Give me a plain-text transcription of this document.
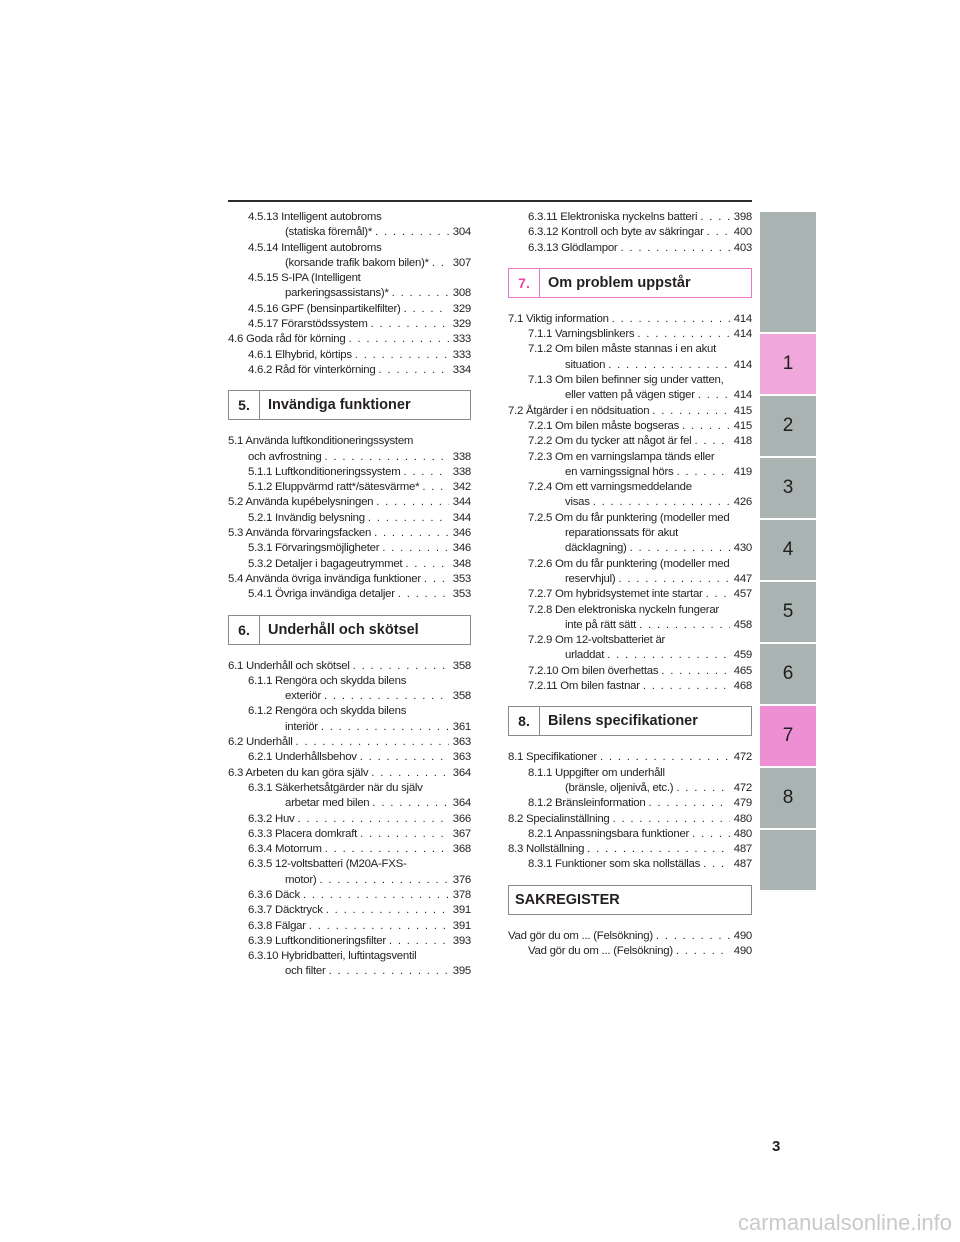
4.5.13 Intelligent autobroms
(statiska föremål)* . . .	304
4.5.14 Intelligent autobroms
(korsande trafik bakom bilen)* . . .	307
4.5.15 S-IPA (Intelligent
parkeringsassistans)* . . .	308
4.5.16 GPF (bensinpartikelfilter) . . .	329
4.5.17 Förarstödssystem . . .	329
4.6 Goda råd för körning . . .	333
4.6.1 Elhybrid, körtips . . .	333
4.6.2 Råd för vinterkörning . . .	334
5.	Invändiga funktioner
5.1 Använda luftkonditioneringssystem
och avfrostning . . .	338
5.1.1 Luftkonditioneringssystem . . .	338
5.1.2 Eluppvärmd ratt*/sätesvärme* . . .	342
5.2 Använda kupébelysningen . . .	344
5.2.1 Invändig belysning . . .	344
5.3 Använda förvaringsfacken . . .	346
5.3.1 Förvaringsmöjligheter . . .	346
5.3.2 Detaljer i bagageutrymmet . . .	348
5.4 Använda övriga invändiga funktioner . . .	353
5.4.1 Övriga invändiga detaljer . . .	353
6.	Underhåll och skötsel
6.1 Underhåll och skötsel . . .	358
6.1.1 Rengöra och skydda bilens
exteriör . . .	358
6.1.2 Rengöra och skydda bilens
interiör . . .	361
6.2 Underhåll . . .	363
6.2.1 Underhållsbehov . . .	363
6.3 Arbeten du kan göra själv . . .	364
6.3.1 Säkerhetsåtgärder när du själv
arbetar med bilen . . .	364
6.3.2 Huv . . .	366
6.3.3 Placera domkraft . . .	367
6.3.4 Motorrum . . .	368
6.3.5 12-voltsbatteri (M20A-FXS-
motor) . . .	376
6.3.6 Däck . . .	378
6.3.7 Däcktryck . . .	391
6.3.8 Fälgar . . .	391
6.3.9 Luftkonditioneringsfilter . . .	393
6.3.10 Hybridbatteri, luftintagsventil
och filter . . .	395
6.3.11 Elektroniska nyckelns batteri . . .	398
6.3.12 Kontroll och byte av säkringar . . .	400
6.3.13 Glödlampor . . .	403
7.	Om problem uppstår
7.1 Viktig information . . .	414
7.1.1 Varningsblinkers . . .	414
7.1.2 Om bilen måste stannas i en akut
situation . . .	414
7.1.3 Om bilen befinner sig under vatten,
eller vatten på vägen stiger . . .	414
7.2 Åtgärder i en nödsituation . . .	415
7.2.1 Om bilen måste bogseras . . .	415
7.2.2 Om du tycker att något är fel . . .	418
7.2.3 Om en varningslampa tänds eller
en varningssignal hörs . . .	419
7.2.4 Om ett varningsmeddelande
visas . . .	426
7.2.5 Om du får punktering (modeller med
reparationssats för akut
däcklagning) . . .	430
7.2.6 Om du får punktering (modeller med
reservhjul) . . .	447
7.2.7 Om hybridsystemet inte startar . . .	457
7.2.8 Den elektroniska nyckeln fungerar
inte på rätt sätt . . .	458
7.2.9 Om 12-voltsbatteriet är
urladdat . . .	459
7.2.10 Om bilen överhettas . . .	465
7.2.11 Om bilen fastnar . . .	468
8.	Bilens specifikationer
8.1 Specifikationer . . .	472
8.1.1 Uppgifter om underhåll
(bränsle, oljenivå, etc.) . . .	472
8.1.2 Bränsleinformation . . .	479
8.2 Specialinställning . . .	480
8.2.1 Anpassningsbara funktioner . . .	480
8.3 Nollställning . . .	487
8.3.1 Funktioner som ska nollställas . . .	487
SAKREGISTER
Vad gör du om ... (Felsökning) . . .	490
Vad gör du om ... (Felsökning) . . .	490
1
2
3
4
5
6
7
8
3
carmanualsonline.info
